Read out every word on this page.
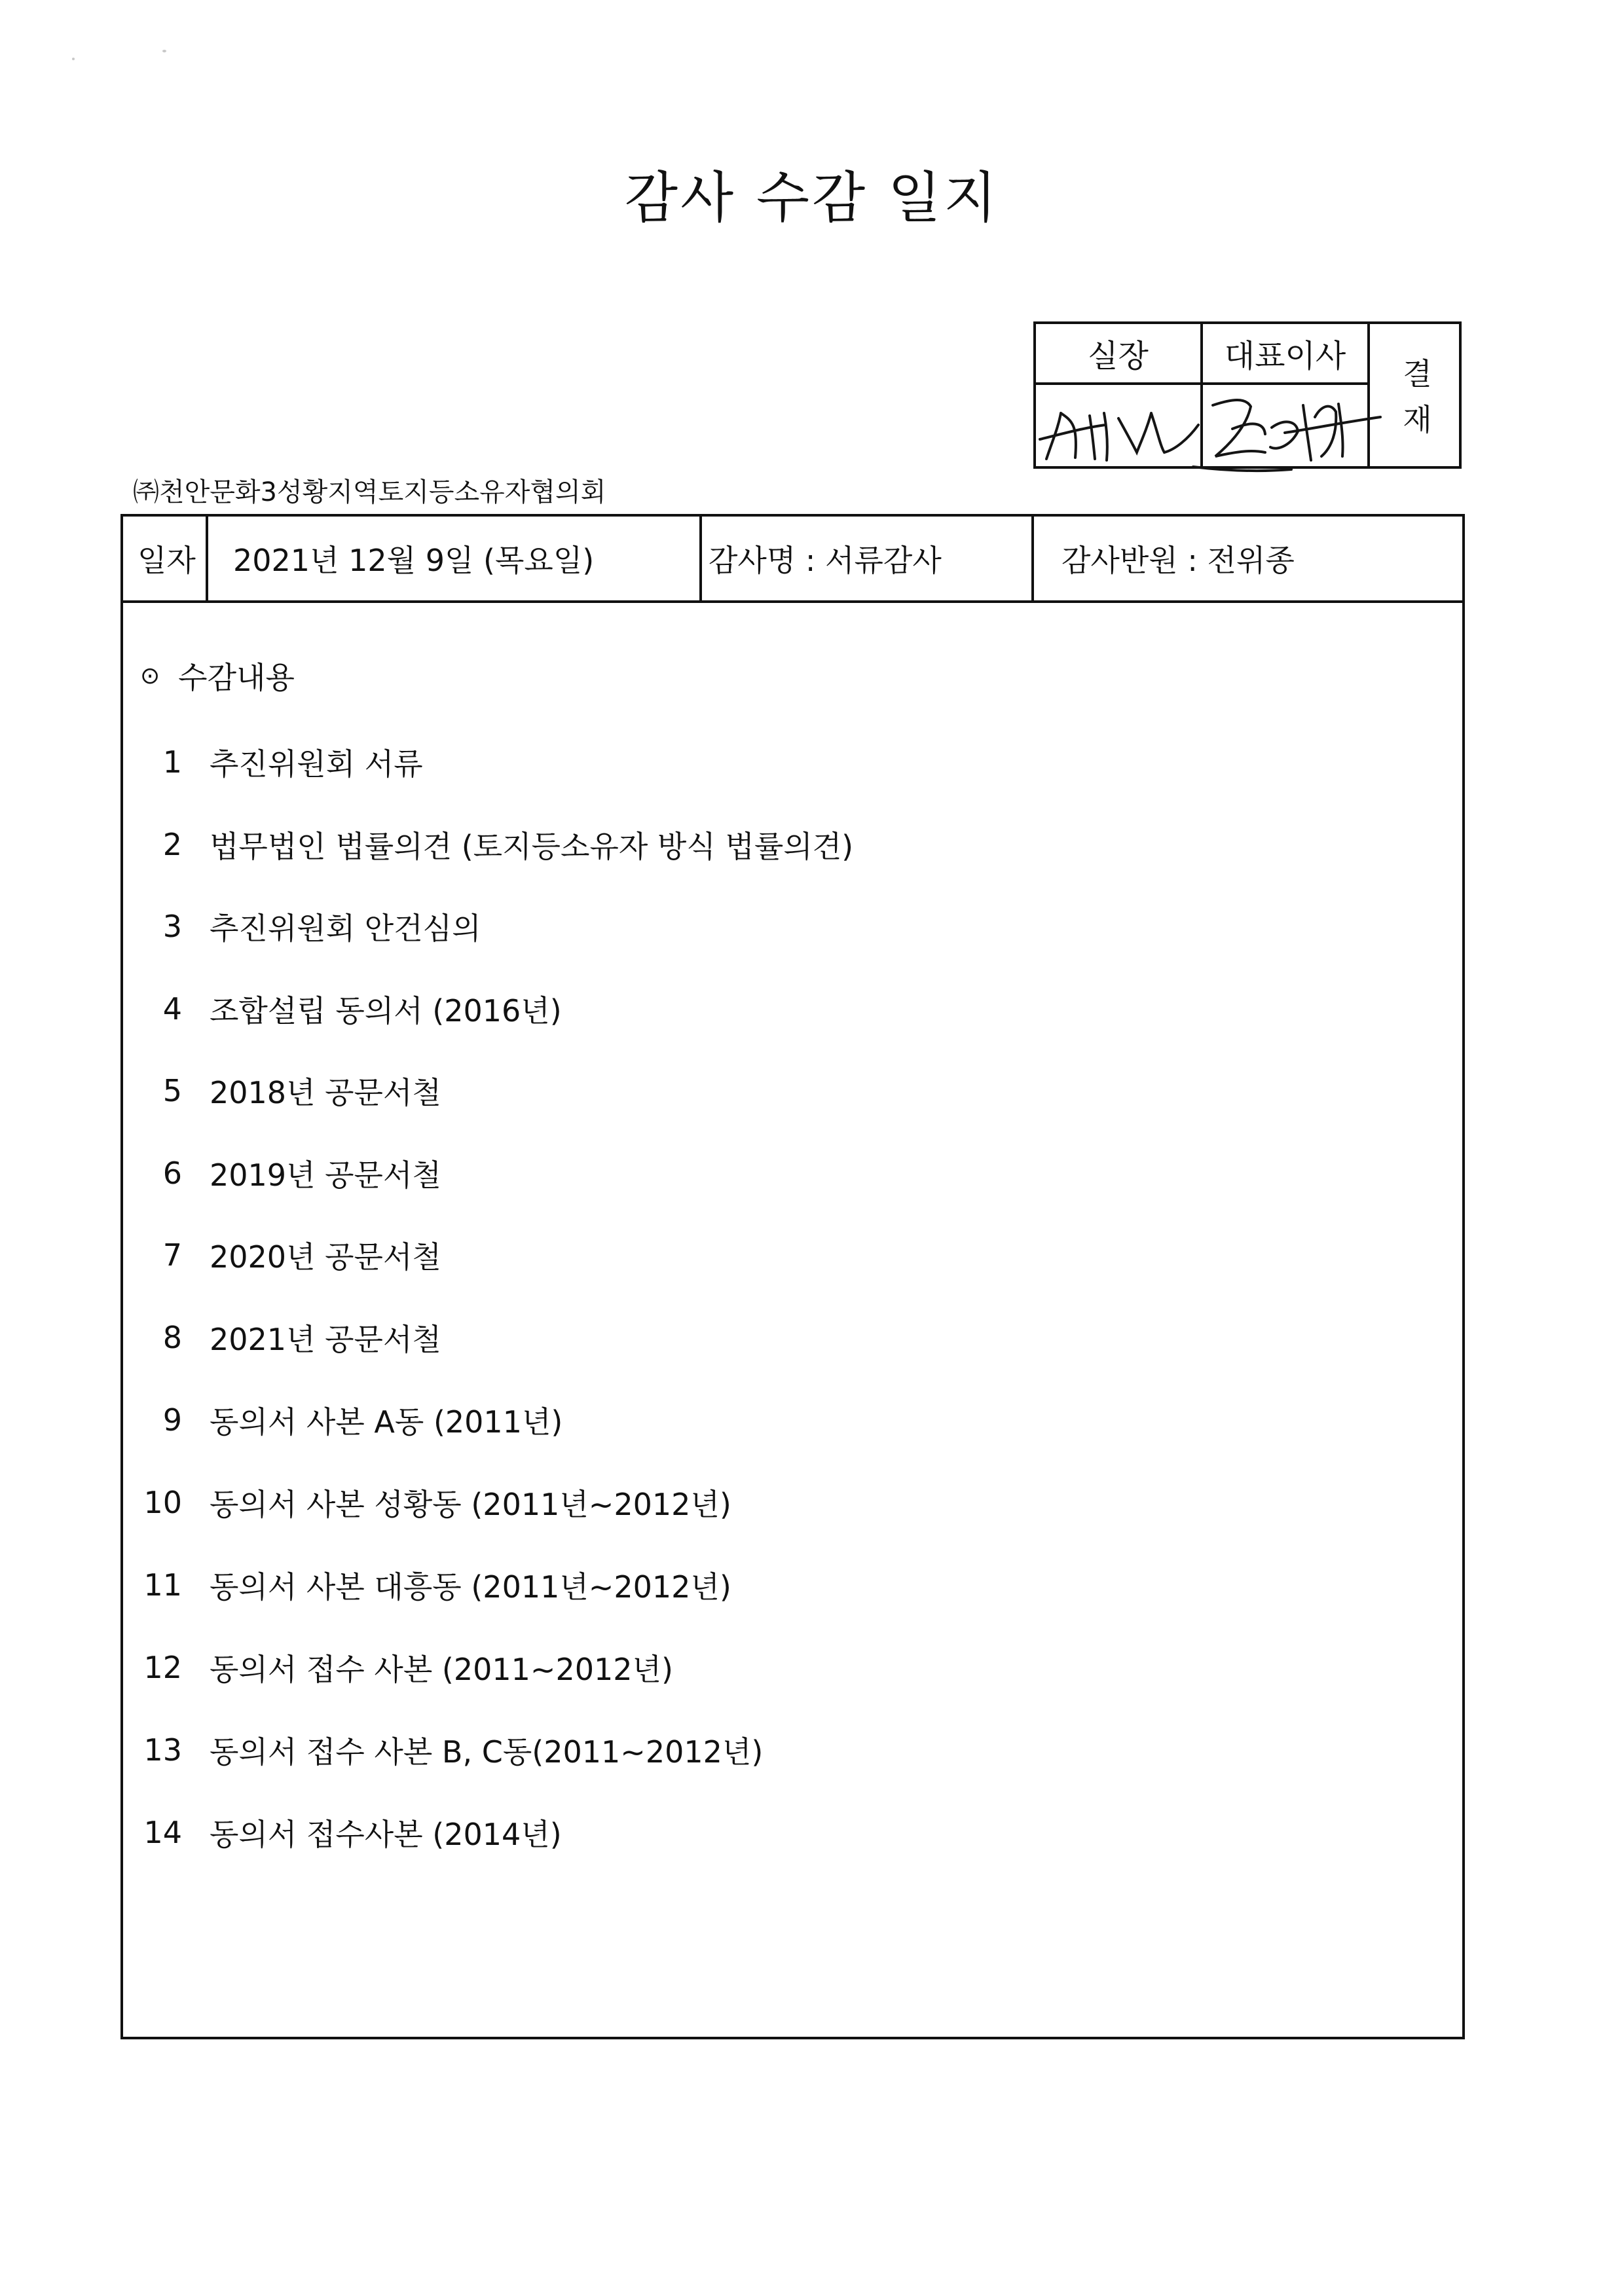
감사 수감 일지
실장	대표이사	결
재
㈜천안문화3성황지역토지등소유자협의회
일자 2021년 12월 9일 (목요일)	감사명 : 서류감사	감사반원 : 전위종
⊙ 수감내용
1 추진위원회 서류
2 법무법인 법률의견 (토지등소유자 방식 법률의견)
3 추진위원회 안건심의
4 조합설립 동의서 (2016년)
5 2018년 공문서철
6 2019년 공문서철
7 2020년 공문서철
8 2021년 공문서철
9 동의서 사본 A동 (2011년)
10 동의서 사본 성황동 (2011년~2012년)
11 동의서 사본 대흥동 (2011년~2012년)
12 동의서 접수 사본 (2011~2012년)
13 동의서 접수 사본 B, C동(2011~2012년)
14 동의서 접수사본 (2014년)
